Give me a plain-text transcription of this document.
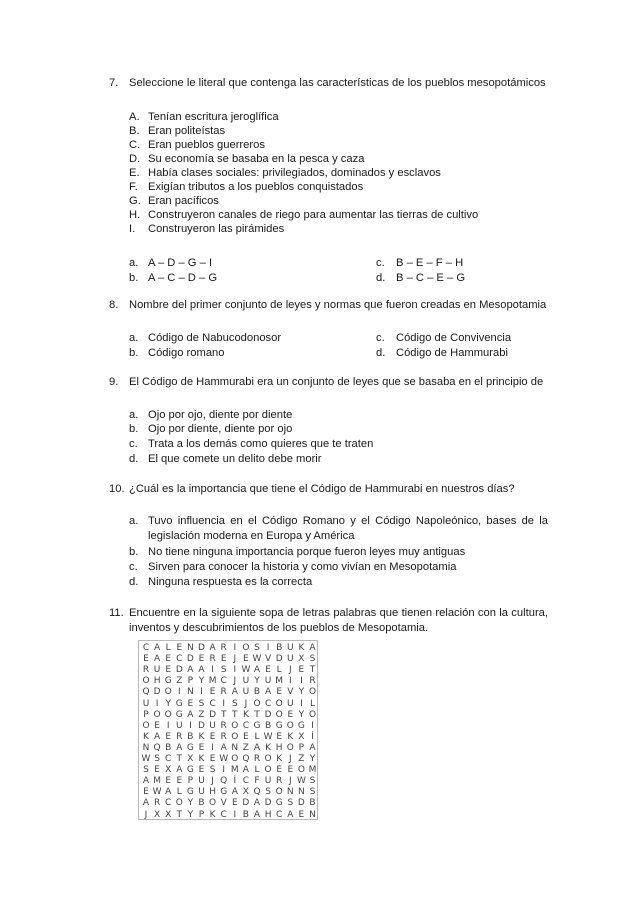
7. Seleccione le literal que contenga las características de los pueblos mesopotámicos
A. Tenían escritura jeroglífica
B. Eran politeístas
C. Eran pueblos guerreros
D. Su economía se basaba en la pesca y caza
E. Había clases sociales: privilegiados, dominados y esclavos
F. Exigían tributos a los pueblos conquistados
G. Eran pacíficos
H. Construyeron canales de riego para aumentar las tierras de cultivo
I. Construyeron las pirámides
a. A – D – G – I	c. B – E – F – H
b. A – C – D – G	d. B – C – E – G
8. Nombre del primer conjunto de leyes y normas que fueron creadas en Mesopotamia
a. Código de Nabucodonosor	c. Código de Convivencia
b. Código romano	d. Código de Hammurabi
9. El Código de Hammurabi era un conjunto de leyes que se basaba en el principio de
a. Ojo por ojo, diente por diente
b. Ojo por diente, diente por ojo
c. Trata a los demás como quieres que te traten
d. El que comete un delito debe morir
10. ¿Cuál es la importancia que tiene el Código de Hammurabi en nuestros días?
a. Tuvo influencia en el Código Romano y el Código Napoleónico, bases de la legislación moderna en Europa y América
b. No tiene ninguna importancia porque fueron leyes muy antiguas
c. Sirven para conocer la historia y como vivían en Mesopotamia
d. Ninguna respuesta es la correcta
11. Encuentre en la siguiente sopa de letras palabras que tienen relación con la cultura, inventos y descubrimientos de los pueblos de Mesopotamia.
C A L E N D A R I O S I B U K A
E A E C D E R E J E W V D U X S
R U E D A A I S I W A E L J E T
O H G Z P Y M C J U Y U M I I R
Q D O I N I E R A U B A E V Y O
U I Y G E S C I S J O C O U I L
P O O G A Z D T T K T D O E Y O
O E I U I D U R O C G B G O G I
K A E R B K E R O E L W E K X Í
N Q B A G E I A N Z A K H O P A
W S C T X K E W O Q R O K J Z Y
S E X A G E S I M A L O E E O M
A M E E P U J Q Í C F U R J W S
E W A L G U H G A X Q S O N N S
A R C O Y B O V E D A D G S D B
J X X T Y P K C I B A H C A E N
